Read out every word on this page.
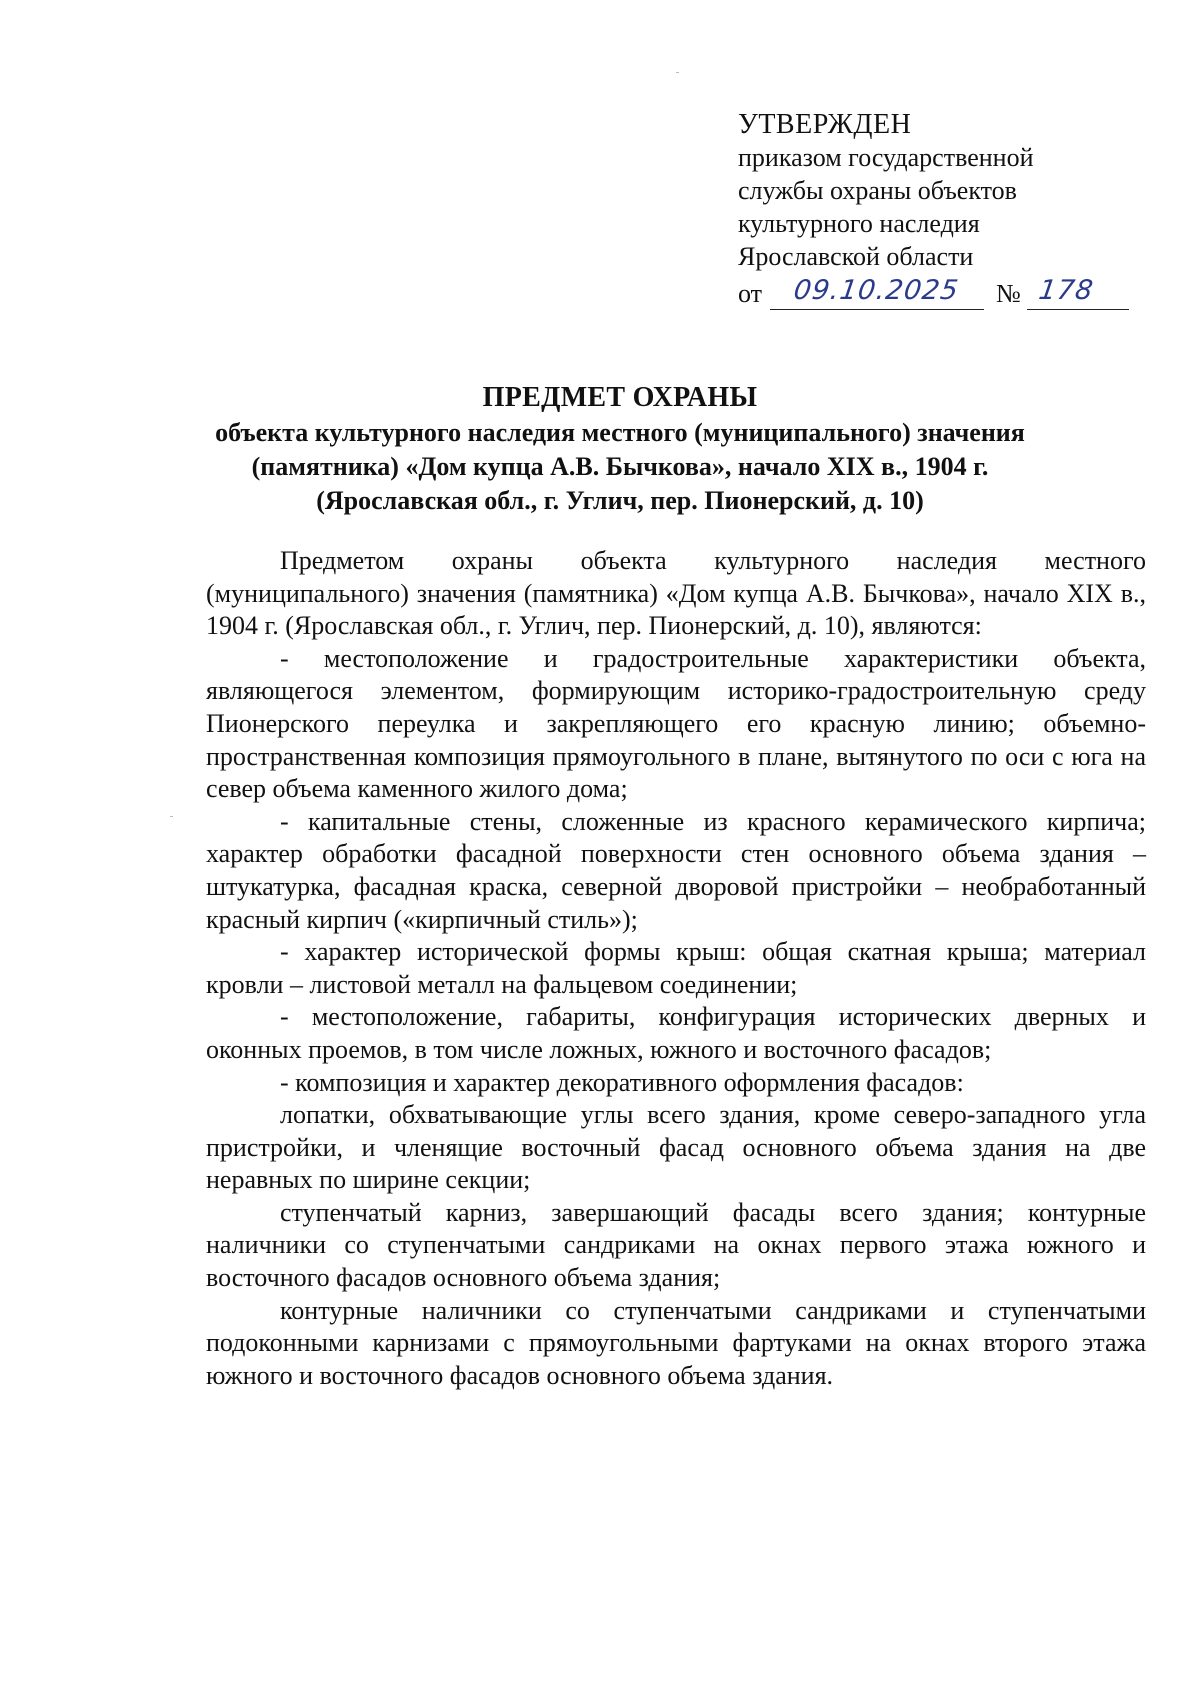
УТВЕРЖДЕН
приказом государственной
службы охраны объектов
культурного наследия
Ярославской области
от 09.10.2025 № 178
ПРЕДМЕТ ОХРАНЫ
объекта культурного наследия местного (муниципального) значения
(памятника) «Дом купца А.В. Бычкова», начало XIX в., 1904 г.
(Ярославская обл., г. Углич, пер. Пионерский, д. 10)

Предметом охраны объекта культурного наследия местного (муниципального) значения (памятника) «Дом купца А.В. Бычкова», начало XIX в., 1904 г. (Ярославская обл., г. Углич, пер. Пионерский, д. 10), являются:

- местоположение и градостроительные характеристики объекта, являющегося элементом, формирующим историко-градостроительную среду Пионерского переулка и закрепляющего его красную линию; объемно-пространственная композиция прямоугольного в плане, вытянутого по оси с юга на север объема каменного жилого дома;

- капитальные стены, сложенные из красного керамического кирпича; характер обработки фасадной поверхности стен основного объема здания – штукатурка, фасадная краска, северной дворовой пристройки – необработанный красный кирпич («кирпичный стиль»);

- характер исторической формы крыш: общая скатная крыша; материал кровли – листовой металл на фальцевом соединении;

- местоположение, габариты, конфигурация исторических дверных и оконных проемов, в том числе ложных, южного и восточного фасадов;

- композиция и характер декоративного оформления фасадов:

лопатки, обхватывающие углы всего здания, кроме северо-западного угла пристройки, и членящие восточный фасад основного объема здания на две неравных по ширине секции;

ступенчатый карниз, завершающий фасады всего здания; контурные наличники со ступенчатыми сандриками на окнах первого этажа южного и восточного фасадов основного объема здания;

контурные наличники со ступенчатыми сандриками и ступенчатыми подоконными карнизами с прямоугольными фартуками на окнах второго этажа южного и восточного фасадов основного объема здания.
